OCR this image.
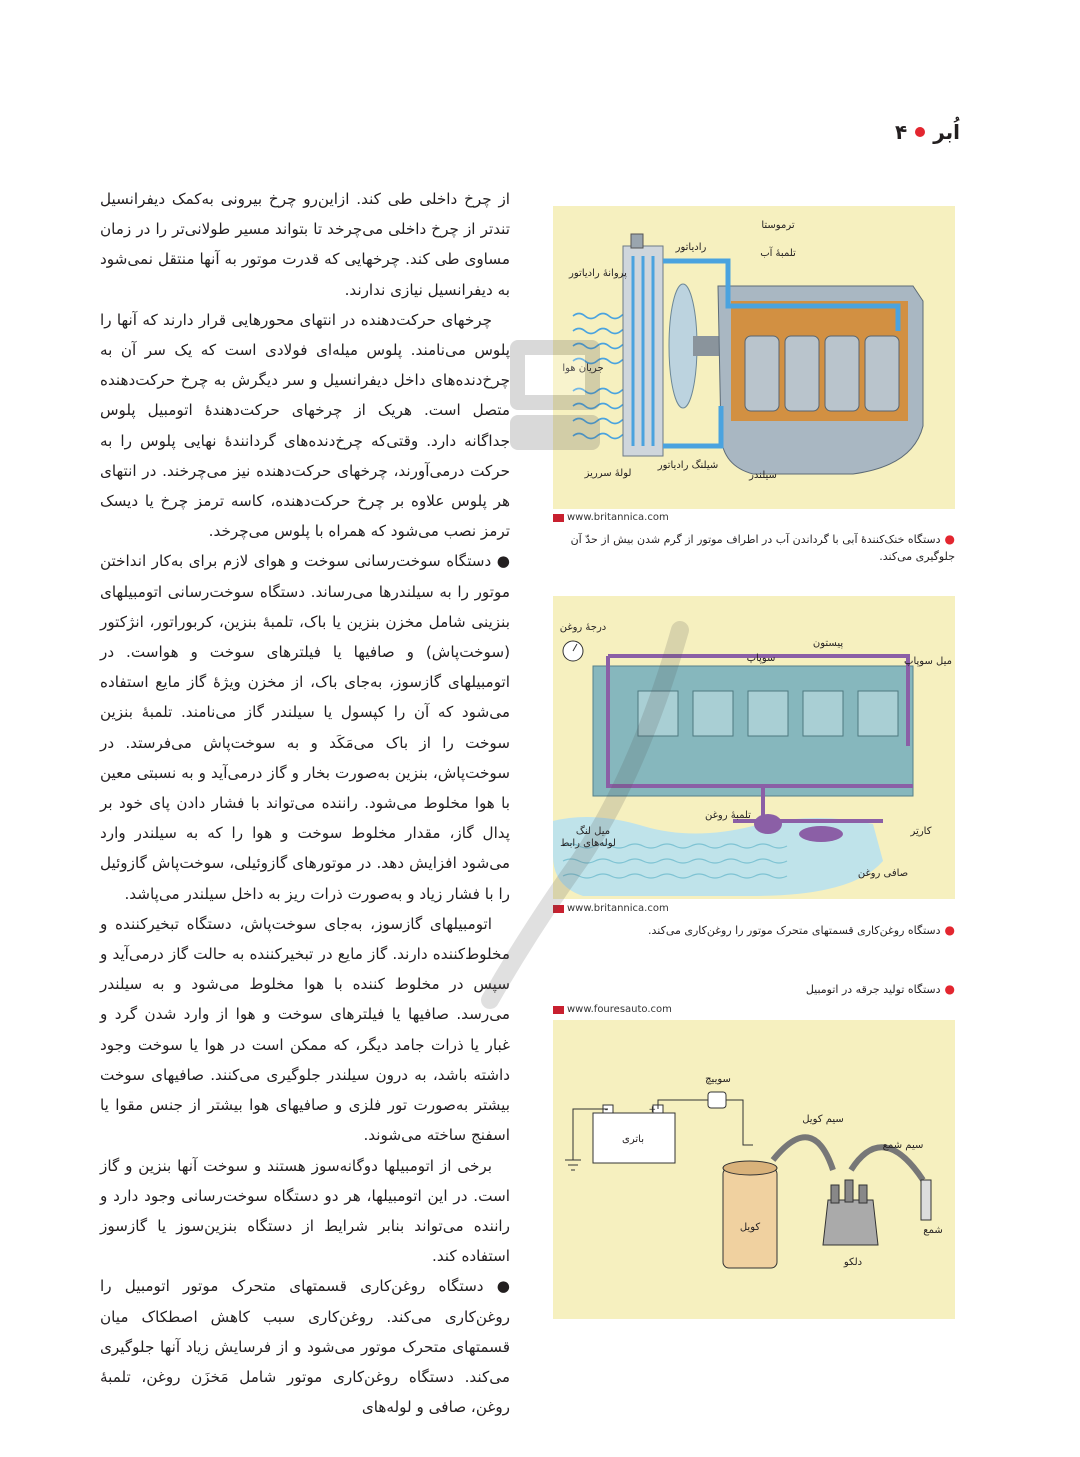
اُبر
۴

از چرخ داخلی طی کند. ازاین‌رو چرخ بیرونی به‌کمک دیفرانسیل تندتر از چرخ داخلی می‌چرخد تا بتواند مسیر طولانی‌تر را در زمان مساوی طی کند. چرخهایی که قدرت موتور به آنها منتقل نمی‌شود به دیفرانسیل نیازی ندارند.

چرخهای حرکت‌دهنده در انتهای محورهایی قرار دارند که آنها را پلوس می‌نامند. پلوس میله‌ای فولادی است که یک سر آن به چرخ‌دنده‌های داخل دیفرانسیل و سر دیگرش به چرخ حرکت‌دهنده متصل است. هریک از چرخهای حرکت‌دهندهٔ اتومبیل پلوس جداگانه دارد. وقتی‌که چرخ‌دنده‌های گردانندهٔ نهایی پلوس را به حرکت درمی‌آورند، چرخهای حرکت‌دهنده نیز می‌چرخند. در انتهای هر پلوس علاوه بر چرخ حرکت‌دهنده، کاسه ترمز چرخ یا دیسک ترمز نصب می‌شود که همراه با پلوس می‌چرخد.

● دستگاه سوخت‌رسانی سوخت و هوای لازم برای به‌کار انداختن موتور را به سیلندرها می‌رساند. دستگاه سوخت‌رسانی اتومبیلهای بنزینی شامل مخزن بنزین یا باک، تلمبهٔ بنزین، کربوراتور، انژکتور (سوخت‌پاش) و صافیها یا فیلترهای سوخت و هواست. در اتومبیلهای گازسوز، به‌جای باک، از مخزن ویژهٔ گاز مایع استفاده می‌شود که آن را کپسول یا سیلندر گاز می‌نامند. تلمبهٔ بنزین سوخت را از باک می‌مَکَد و به سوخت‌پاش می‌فرستد. در سوخت‌پاش، بنزین به‌صورت بخار و گاز درمی‌آید و به نسبتی معین با هوا مخلوط می‌شود. راننده می‌تواند با فشار دادن پای خود بر پدال گاز، مقدار مخلوط سوخت و هوا را که به سیلندر وارد می‌شود افزایش دهد. در موتورهای گازوئیلی، سوخت‌پاش گازوئیل را با فشار زیاد و به‌صورت ذرات ریز به داخل سیلندر می‌پاشد.

اتومبیلهای گازسوز، به‌جای سوخت‌پاش، دستگاه تبخیرکننده و مخلوط‌کننده دارند. گاز مایع در تبخیرکننده به حالت گاز درمی‌آید و سپس در مخلوط کننده با هوا مخلوط می‌شود و به سیلندر می‌رسد. صافیها یا فیلترهای سوخت و هوا از وارد شدن گرد و غبار یا ذرات جامد دیگر، که ممکن است در هوا یا سوخت وجود داشته باشد، به درون سیلندر جلوگیری می‌کنند. صافیهای سوخت بیشتر به‌صورت تور فلزی و صافیهای هوا بیشتر از جنس مقوا یا اسفنج ساخته می‌شوند.

برخی از اتومبیلها دوگانه‌سوز هستند و سوخت آنها بنزین و گاز است. در این اتومبیلها، هر دو دستگاه سوخت‌رسانی وجود دارد و راننده می‌تواند بنابر شرایط از دستگاه بنزین‌سوز یا گازسوز استفاده کند.

● دستگاه روغن‌کاری قسمتهای متحرک موتور اتومبیل را روغن‌کاری می‌کند. روغن‌کاری سبب کاهش اصطکاک میان قسمتهای متحرک موتور می‌شود و از فرسایش زیاد آنها جلوگیری می‌کند. دستگاه روغن‌کاری موتور شامل مَخزَن روغن، تلمبهٔ روغن، صافی و لوله‌های

رادیاتور
ترموستا
تلمبهٔ آب
پروانهٔ رادیاتور
جریان هوا
لولهٔ سرریز
شیلنگ رادیاتور
سیلندر
www.britannica.com
●دستگاه خنک‌کنندهٔ آبی با گرداندن آب در اطراف موتور از گرم شدن بیش از حدّ آن جلوگیری می‌کند.
درجهٔ روغن
سوپاپ
پیستون
میل سوپاپ
میل لنگ
تلمبهٔ روغن
لوله‌های رابط
کارتِر
صافی روغن
www.britannica.com
●دستگاه روغن‌کاری قسمتهای متحرک موتور را روغن‌کاری می‌کند.
●دستگاه تولید جرقه در اتومبیل
www.fouresauto.com
-	+
سوییچ
باتری
سیم کویل
سیم شمع
کویل
دلکو
شمع
